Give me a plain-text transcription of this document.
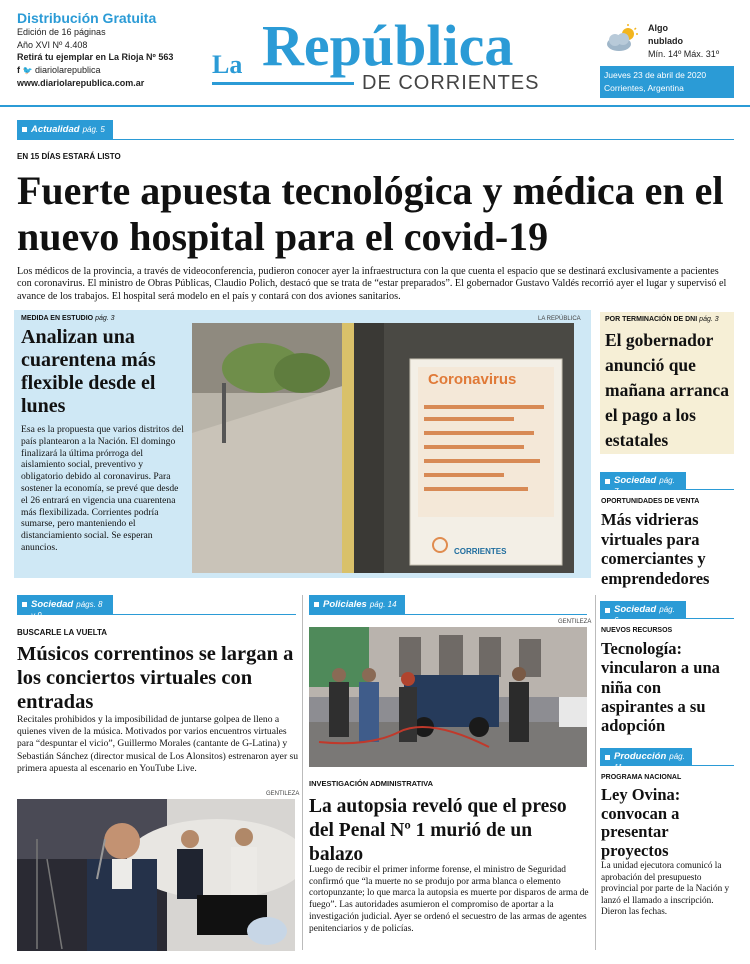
Distribución Gratuita
Edición de 16 páginas
Año XVI Nº 4.408
Retirá tu ejemplar en La Rioja Nº 563
f 🐦 diariolarepublica
www.diariolarepublica.com.ar
La República
DE CORRIENTES
Algo
nublado
Mín. 14º Máx. 31º
Jueves 23 de abril de 2020
Corrientes, Argentina
Actualidad pág. 5
EN 15 DÍAS ESTARÁ LISTO
Fuerte apuesta tecnológica y médica en el nuevo hospital para el covid-19
Los médicos de la provincia, a través de videoconferencia, pudieron conocer ayer la infraestructura con la que cuenta el espacio que se destinará exclusivamente a pacientes con coronavirus. El ministro de Obras Públicas, Claudio Polich, destacó que se trata de “estar preparados”. El gobernador Gustavo Valdés recorrió ayer el lugar y supervisó el avance de los trabajos. El hospital será modelo en el país y contará con dos aviones sanitarios.
MEDIDA EN ESTUDIO pág. 3	LA REPÚBLICA
Analizan una cuarentena más flexible desde el lunes
Esa es la propuesta que varios distritos del país plantearon a la Nación. El domingo finalizará la última prórroga del aislamiento social, preventivo y obligatorio debido al coronavirus. Para sostener la economía, se prevé que desde el 26 entrará en vigencia una cuarentena más flexibilizada. Corrientes podría sumarse, pero manteniendo el distanciamiento social. Se esperan anuncios.
Coronavirus
CORRIENTES
POR TERMINACIÓN DE DNI pág. 3
El gobernador anunció que mañana arranca el pago a los estatales
Sociedad pág. 7
OPORTUNIDADES DE VENTA
Más vidrieras virtuales para comerciantes y emprendedores
Sociedad págs. 8 y 9
BUSCARLE LA VUELTA
Músicos correntinos se largan a los conciertos virtuales con entradas
Recitales prohibidos y la imposibilidad de juntarse golpea de lleno a quienes viven de la música. Motivados por varios encuentros virtuales para “despuntar el vicio”, Guillermo Morales (cantante de G-Latina) y Sebastián Sánchez (director musical de Los Alonsitos) estrenaron ayer su primera apuesta al escenario en YouTube Live.
GENTILEZA
Policiales pág. 14
GENTILEZA
INVESTIGACIÓN ADMINISTRATIVA
La autopsia reveló que el preso del Penal Nº 1 murió de un balazo
Luego de recibir el primer informe forense, el ministro de Seguridad confirmó que “la muerte no se produjo por arma blanca o elemento cortopunzante; lo que marca la autopsia es muerte por disparos de arma de fuego”. Las autoridades asumieron el compromiso de aportar a la investigación judicial. Ayer se ordenó el secuestro de las armas de agentes penitenciarios y de policías.
Sociedad pág. 6
NUEVOS RECURSOS
Tecnología: vincularon a una niña con aspirantes a su adopción
Producción pág. 11
PROGRAMA NACIONAL
Ley Ovina: convocan a presentar proyectos
La unidad ejecutora comunicó la aprobación del presupuesto provincial por parte de la Nación y lanzó el llamado a inscripción. Dieron las fechas.
